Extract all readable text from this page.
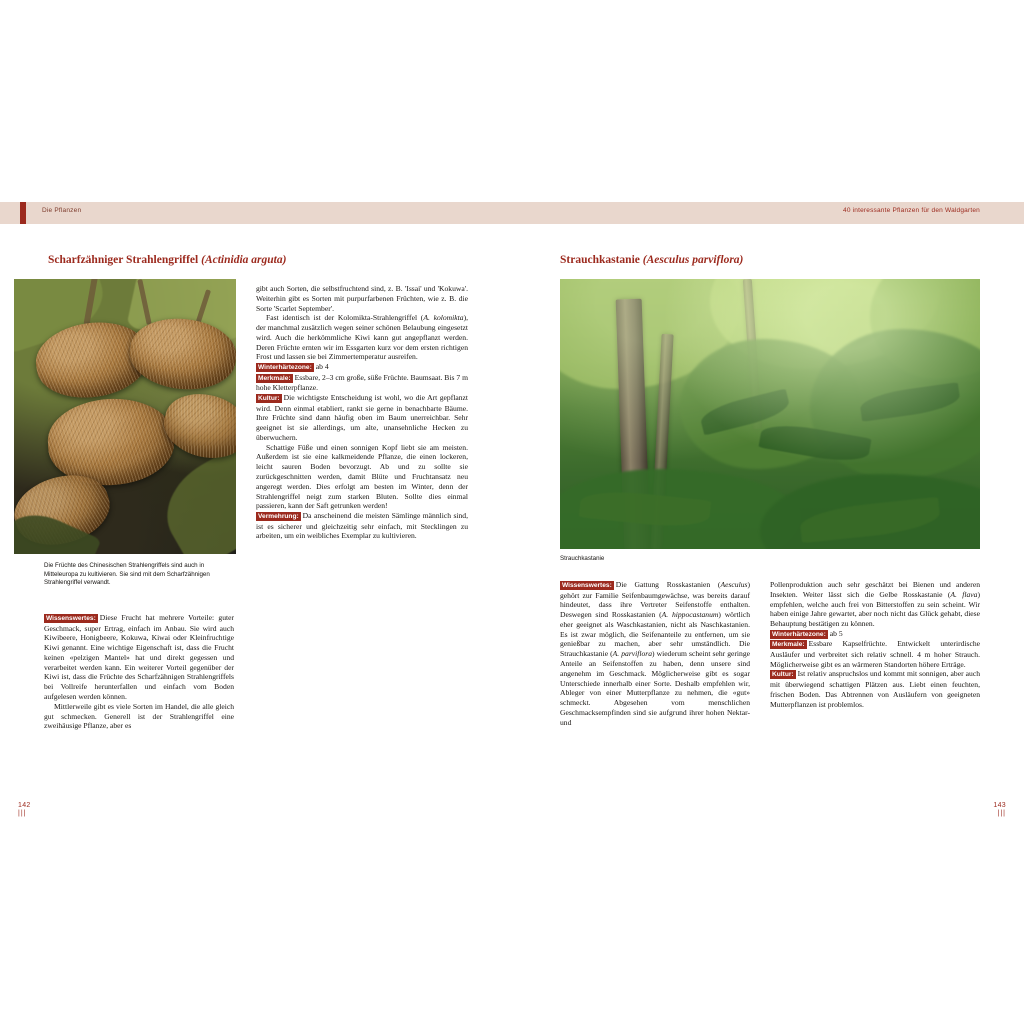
Die Pflanzen	40 interessante Pflanzen für den Waldgarten
Scharfzähniger Strahlengriffel (Actinidia arguta)
Die Früchte des Chinesischen Strahlengriffels sind auch in Mitteleuropa zu kultivieren. Sie sind mit dem Scharfzähnigen Strahlengriffel verwandt.

Wissenswertes: Diese Frucht hat mehrere Vorteile: guter Geschmack, super Ertrag, einfach im Anbau. Sie wird auch Kiwibeere, Honigbeere, Kokuwa, Kiwai oder Kleinfruchtige Kiwi genannt. Eine wichtige Eigenschaft ist, dass die Frucht keinen «pelzigen Mantel» hat und direkt gegessen und verarbeitet werden kann. Ein weiterer Vorteil gegenüber der Kiwi ist, dass die Früchte des Scharfzähnigen Strahlengriffels bei Vollreife herunterfallen und einfach vom Boden aufgelesen werden können.

Mittlerweile gibt es viele Sorten im Handel, die alle gleich gut schmecken. Generell ist der Strahlengriffel eine zweihäusige Pflanze, aber es

gibt auch Sorten, die selbstfruchtend sind, z. B. 'Issai' und 'Kokuwa'. Weiterhin gibt es Sorten mit purpurfarbenen Früchten, wie z. B. die Sorte 'Scarlet September'.

Fast identisch ist der Kolomikta-Strahlengriffel (A. kolomikta), der manchmal zusätzlich wegen seiner schönen Belaubung eingesetzt wird. Auch die herkömmliche Kiwi kann gut angepflanzt werden. Deren Früchte ernten wir im Essgarten kurz vor dem ersten richtigen Frost und lassen sie bei Zimmertemperatur ausreifen.

Winterhärtezone: ab 4

Merkmale: Essbare, 2–3 cm große, süße Früchte. Baumsaat. Bis 7 m hohe Kletterpflanze.

Kultur: Die wichtigste Entscheidung ist wohl, wo die Art gepflanzt wird. Denn einmal etabliert, rankt sie gerne in benachbarte Bäume. Ihre Früchte sind dann häufig oben im Baum unerreichbar. Sehr geeignet ist sie allerdings, um alte, unansehnliche Hecken zu überwuchern.

Schattige Füße und einen sonnigen Kopf liebt sie am meisten. Außerdem ist sie eine kalkmeidende Pflanze, die einen lockeren, leicht sauren Boden bevorzugt. Ab und zu sollte sie zurückgeschnitten werden, damit Blüte und Fruchtansatz neu angeregt werden. Dies erfolgt am besten im Winter, denn der Strahlengriffel neigt zum starken Bluten. Sollte dies einmal passieren, kann der Saft getrunken werden!

Vermehrung: Da anscheinend die meisten Sämlinge männlich sind, ist es sicherer und gleichzeitig sehr einfach, mit Stecklingen zu arbeiten, um ein weibliches Exemplar zu kultivieren.

142
|||
Strauchkastanie (Aesculus parviflora)
Strauchkastanie

Wissenswertes: Die Gattung Rosskastanien (Aesculus) gehört zur Familie Seifenbaumgewächse, was bereits darauf hindeutet, dass ihre Vertreter Seifenstoffe enthalten. Deswegen sind Rosskastanien (A. hippocastanum) wörtlich eher geeignet als Waschkastanien, nicht als Naschkastanien. Es ist zwar möglich, die Seifenanteile zu entfernen, um sie genießbar zu machen, aber sehr umständlich. Die Strauchkastanie (A. parviflora) wiederum scheint sehr geringe Anteile an Seifenstoffen zu haben, denn unsere sind angenehm im Geschmack. Möglicherweise gibt es sogar Unterschiede innerhalb einer Sorte. Deshalb empfehlen wir, Ableger von einer Mutterpflanze zu nehmen, die «gut» schmeckt. Abgesehen vom menschlichen Geschmacksempfinden sind sie aufgrund ihrer hohen Nektar- und

Pollenproduktion auch sehr geschätzt bei Bienen und anderen Insekten. Weiter lässt sich die Gelbe Rosskastanie (A. flava) empfehlen, welche auch frei von Bitterstoffen zu sein scheint. Wir haben einige Jahre gewartet, aber noch nicht das Glück gehabt, diese Behauptung bestätigen zu können.

Winterhärtezone: ab 5

Merkmale: Essbare Kapselfrüchte. Entwickelt unterirdische Ausläufer und verbreitet sich relativ schnell. 4 m hoher Strauch. Möglicherweise gibt es an wärmeren Standorten höhere Erträge.

Kultur: Ist relativ anspruchslos und kommt mit sonnigen, aber auch mit überwiegend schattigen Plätzen aus. Liebt einen feuchten, frischen Boden. Das Abtrennen von Ausläufern von geeigneten Mutterpflanzen ist problemlos.

143
|||
